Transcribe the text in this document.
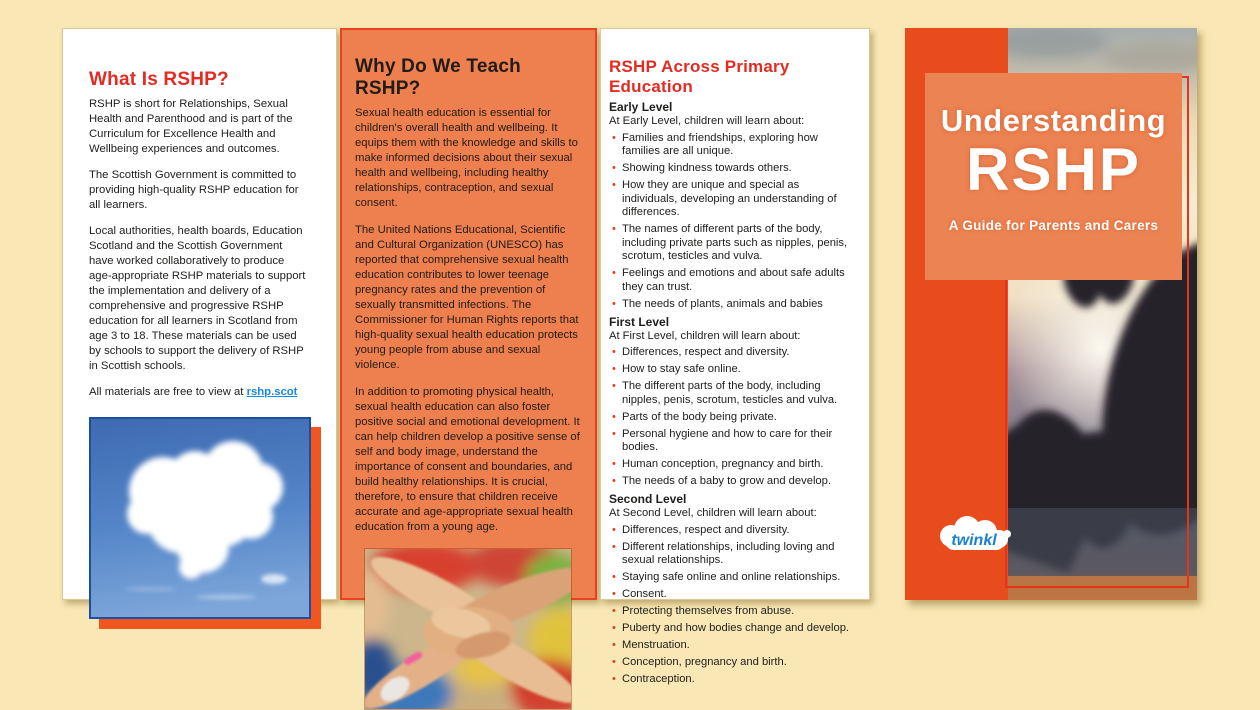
What Is RSHP?

RSHP is short for Relationships, Sexual Health and Parenthood and is part of the Curriculum for Excellence Health and Wellbeing experiences and outcomes.

The Scottish Government is committed to providing high-quality RSHP education for all learners.

Local authorities, health boards, Education Scotland and the Scottish Government have worked collaboratively to produce age-appropriate RSHP materials to support the implementation and delivery of a comprehensive and progressive RSHP education for all learners in Scotland from age 3 to 18. These materials can be used by schools to support the delivery of RSHP in Scottish schools.

All materials are free to view at rshp.scot

Why Do We Teach RSHP?

Sexual health education is essential for children's overall health and wellbeing. It equips them with the knowledge and skills to make informed decisions about their sexual health and wellbeing, including healthy relationships, contraception, and sexual consent.

The United Nations Educational, Scientific and Cultural Organization (UNESCO) has reported that comprehensive sexual health education contributes to lower teenage pregnancy rates and the prevention of sexually transmitted infections. The Commissioner for Human Rights reports that high-quality sexual health education protects young people from abuse and sexual violence.

In addition to promoting physical health, sexual health education can also foster positive social and emotional development. It can help children develop a positive sense of self and body image, understand the importance of consent and boundaries, and build healthy relationships. It is crucial, therefore, to ensure that children receive accurate and age-appropriate sexual health education from a young age.

RSHP Across Primary Education
Early Level
At Early Level, children will learn about:
• Families and friendships, exploring how families are all unique.
• Showing kindness towards others.
• How they are unique and special as individuals, developing an understanding of differences.
• The names of different parts of the body, including private parts such as nipples, penis, scrotum, testicles and vulva.
• Feelings and emotions and about safe adults they can trust.
• The needs of plants, animals and babies
First Level
At First Level, children will learn about:
• Differences, respect and diversity.
• How to stay safe online.
• The different parts of the body, including nipples, penis, scrotum, testicles and vulva.
• Parts of the body being private.
• Personal hygiene and how to care for their bodies.
• Human conception, pregnancy and birth.
• The needs of a baby to grow and develop.
Second Level
At Second Level, children will learn about:
• Differences, respect and diversity.
• Different relationships, including loving and sexual relationships.
• Staying safe online and online relationships.
• Consent.
• Protecting themselves from abuse.
• Puberty and how bodies change and develop.
• Menstruation.
• Conception, pregnancy and birth.
• Contraception.
Understanding
RSHP
A Guide for Parents and Carers
twinkl
